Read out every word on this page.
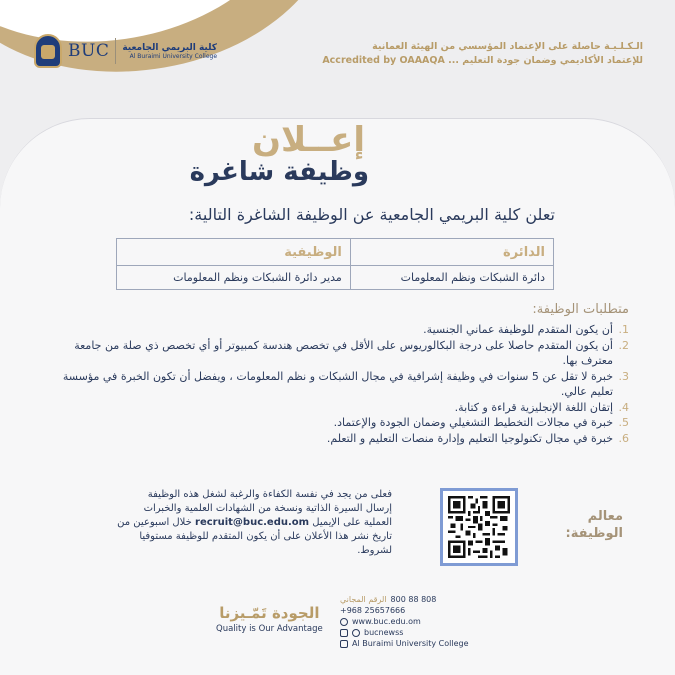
BUC كلية البريمي الجامعية
Al Buraimi University College
الـكـلـيـة حاصلة على الإعتماد المؤسسي من الهيئة العمانية
Accredited by OAAAQA للإعتماد الأكاديمي وضمان جودة التعليم ...
إعــلان
وظيفة شاغرة
تعلن كلية البريمي الجامعية عن الوظيفة الشاغرة التالية:
الدائرة	الوظيفية
دائرة الشبكات ونظم المعلومات	مدير دائرة الشبكات ونظم المعلومات
متطلبات الوظيفة:
1.
أن يكون المتقدم للوظيفة عماني الجنسية.
2.
أن يكون المتقدم حاصلا على درجة البكالوريوس على الأقل في تخصص هندسة كمبيوتر أو أي تخصص ذي صلة من جامعة معترف بها.
3.
خبرة لا تقل عن 5 سنوات في وظيفة إشرافية في مجال الشبكات و نظم المعلومات ، ويفضل أن تكون الخبرة في مؤسسة تعليم عالي.
4.
إتقان اللغة الإنجليزية قراءة و كتابة.
5.
خبرة في مجالات التخطيط التشغيلي وضمان الجودة والإعتماد.
6.
خبرة في مجال تكنولوجيا التعليم وإدارة منصات التعليم و التعلم.
فعلى من يجد في نفسة الكفاءة والرغبة لشغل هذه الوظيفة
إرسال السيرة الذاتية ونسخة من الشهادات العلمية والخبرات
العملية على الإيميل recruit@buc.edu.om خلال اسبوعين من
تاريخ نشر هذا الأعلان على أن يكون المتقدم للوظيفة مستوفيا
لشروط.
معالم
الوظيفة:
الجودة تَمّـيزنا
Quality is Our Advantage
الرقم المجاني 800 88 808
+968 25657666
www.buc.edu.om
bucnewss
Al Buraimi University College
